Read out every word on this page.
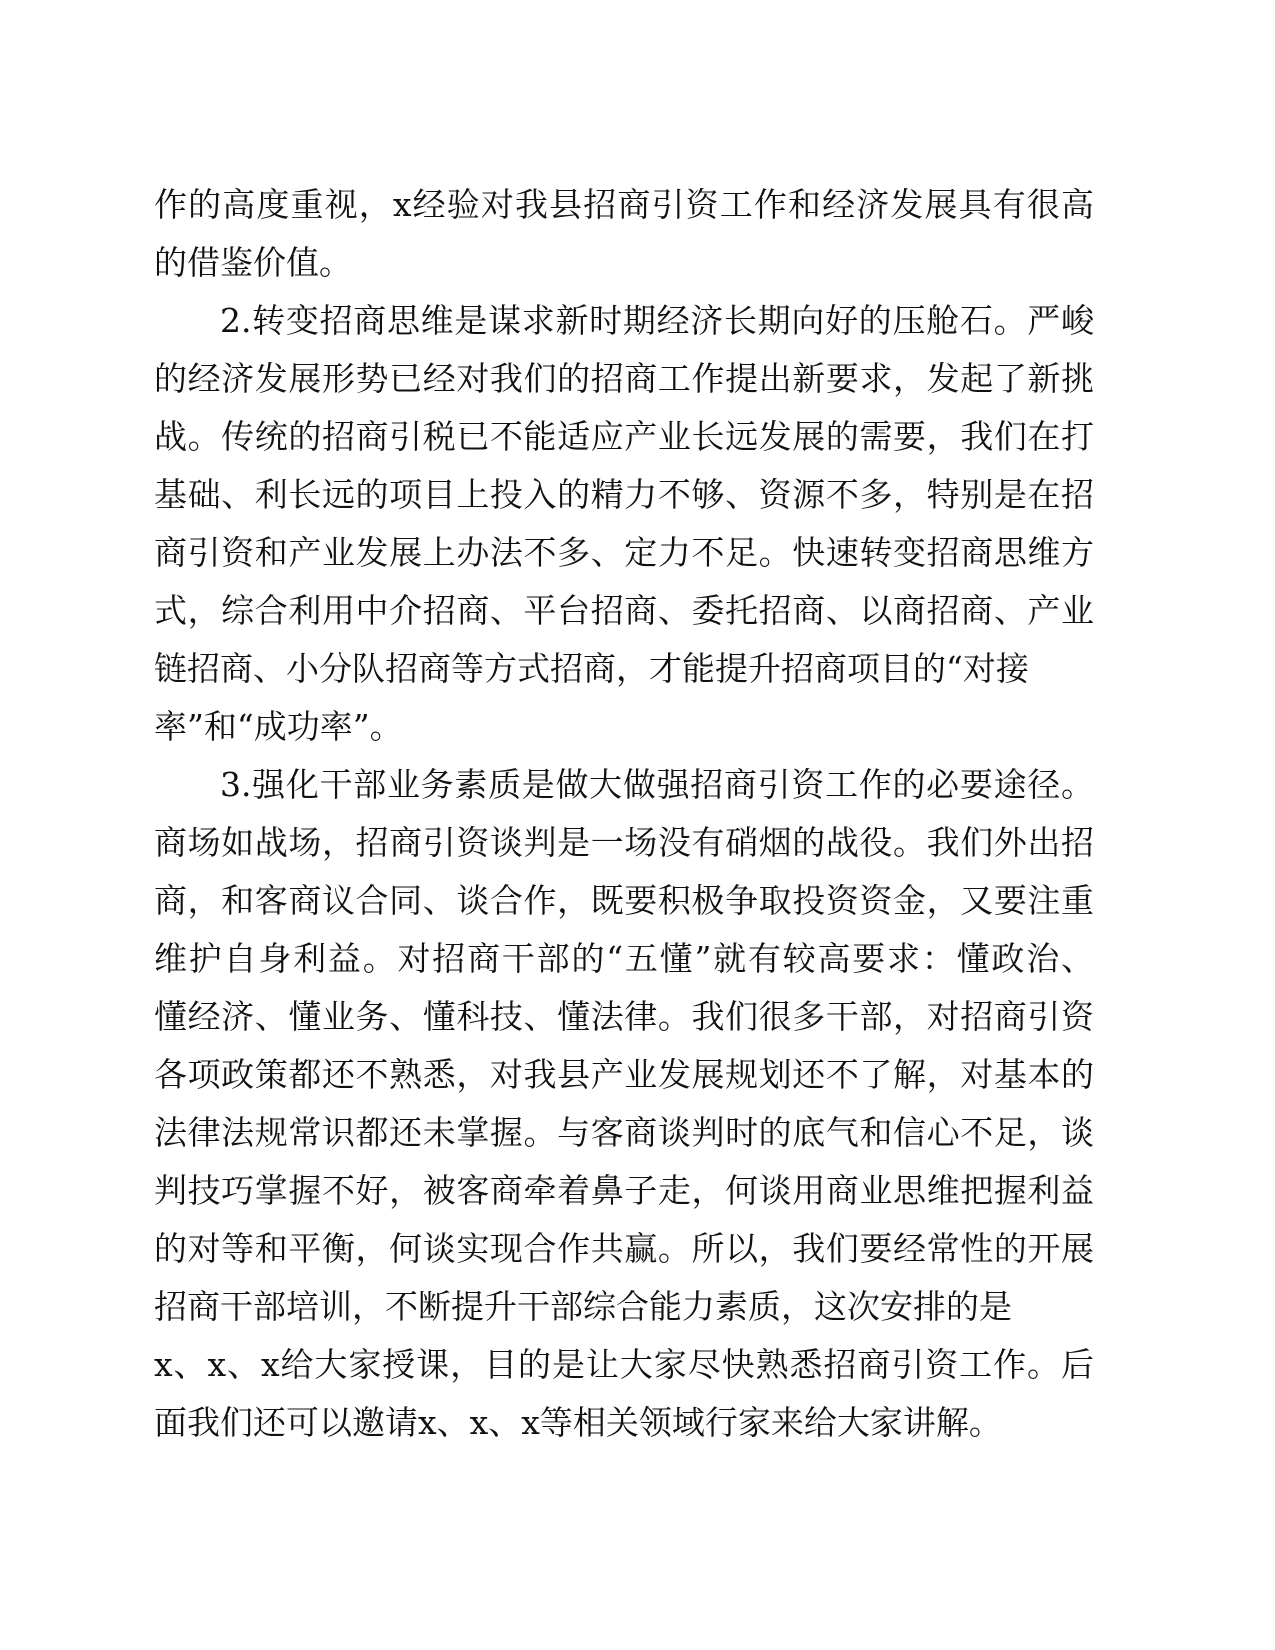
作的高度重视，x经验对我县招商引资工作和经济发展具有很高
的借鉴价值。
2.转变招商思维是谋求新时期经济长期向好的压舱石。严峻
的经济发展形势已经对我们的招商工作提出新要求，发起了新挑
战。传统的招商引税已不能适应产业长远发展的需要，我们在打
基础、利长远的项目上投入的精力不够、资源不多，特别是在招
商引资和产业发展上办法不多、定力不足。快速转变招商思维方
式，综合利用中介招商、平台招商、委托招商、以商招商、产业
链招商、小分队招商等方式招商，才能提升招商项目的“对接
率”和“成功率”。
3.强化干部业务素质是做大做强招商引资工作的必要途径。
商场如战场，招商引资谈判是一场没有硝烟的战役。我们外出招
商，和客商议合同、谈合作，既要积极争取投资资金，又要注重
维护自身利益。对招商干部的“五懂”就有较高要求：懂政治、
懂经济、懂业务、懂科技、懂法律。我们很多干部，对招商引资
各项政策都还不熟悉，对我县产业发展规划还不了解，对基本的
法律法规常识都还未掌握。与客商谈判时的底气和信心不足，谈
判技巧掌握不好，被客商牵着鼻子走，何谈用商业思维把握利益
的对等和平衡，何谈实现合作共赢。所以，我们要经常性的开展
招商干部培训，不断提升干部综合能力素质，这次安排的是
x、x、x给大家授课，目的是让大家尽快熟悉招商引资工作。后
面我们还可以邀请x、x、x等相关领域行家来给大家讲解。
